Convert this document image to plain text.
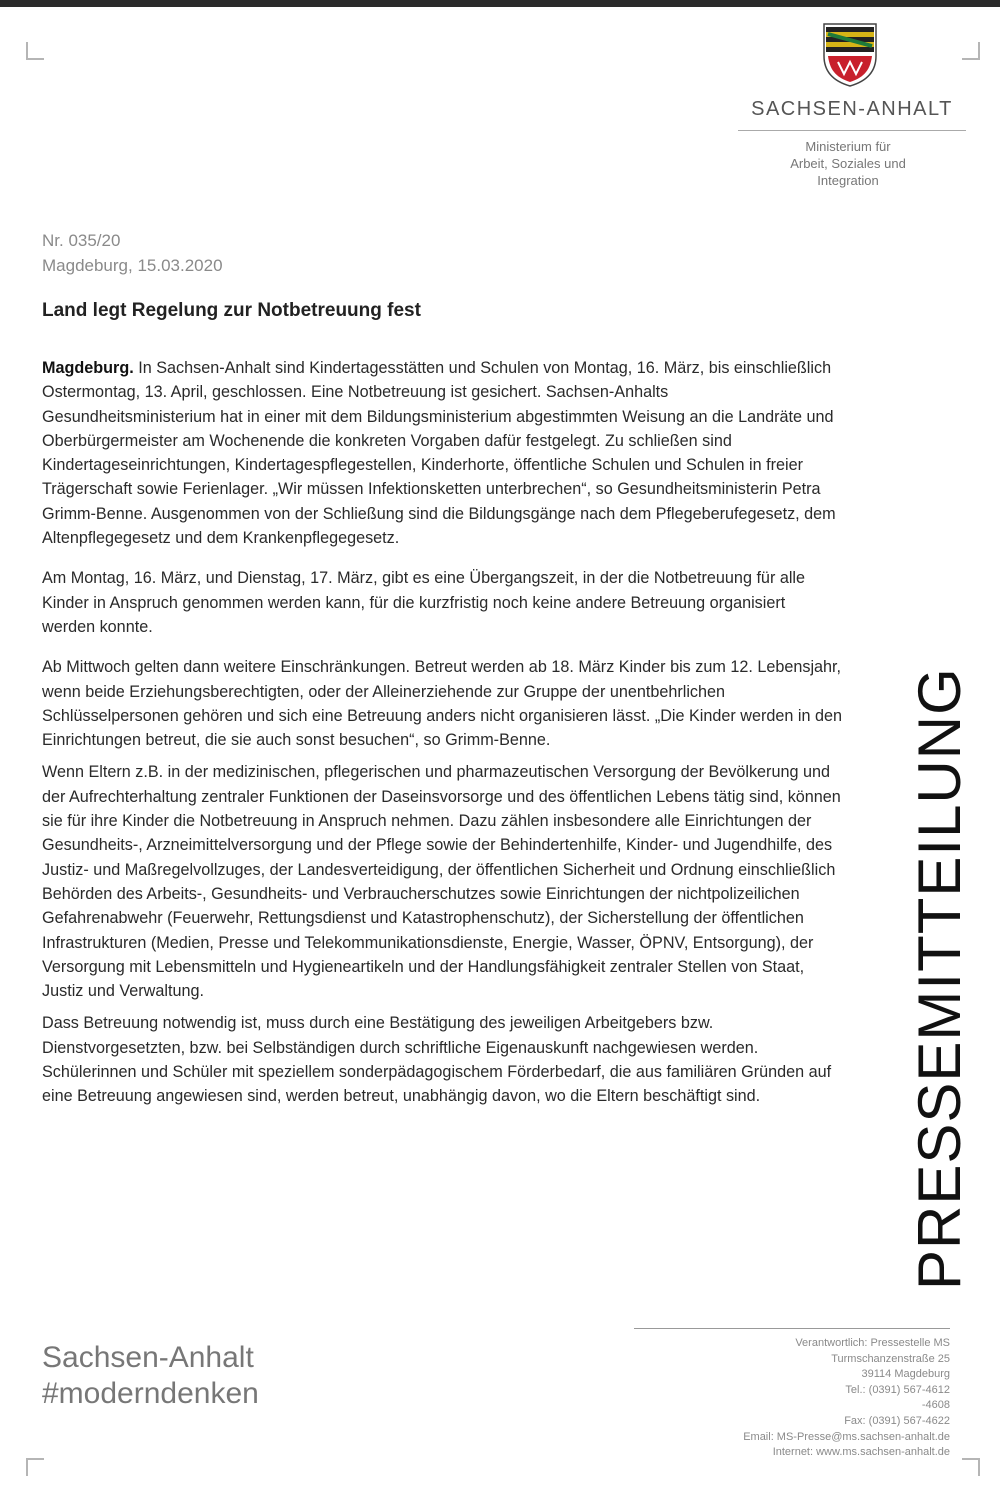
SACHSEN-ANHALT
Ministerium für
Arbeit, Soziales und
Integration
Nr. 035/20
Magdeburg, 15.03.2020
Land legt Regelung zur Notbetreuung fest

Magdeburg. In Sachsen-Anhalt sind Kindertagesstätten und Schulen von Montag, 16. März, bis einschließlich Ostermontag, 13. April, geschlossen. Eine Notbetreuung ist gesichert. Sachsen-Anhalts Gesundheitsministerium hat in einer mit dem Bildungsministerium abgestimmten Weisung an die Landräte und Oberbürgermeister am Wochenende die konkreten Vorgaben dafür festgelegt. Zu schließen sind Kindertageseinrichtungen, Kindertagespflegestellen, Kinderhorte, öffentliche Schulen und Schulen in freier Trägerschaft sowie Ferienlager. „Wir müssen Infektionsketten unterbrechen“, so Gesundheitsministerin Petra Grimm-Benne. Ausgenommen von der Schließung sind die Bildungsgänge nach dem Pflegeberufegesetz, dem Altenpflegegesetz und dem Krankenpflegegesetz.

Am Montag, 16. März, und Dienstag, 17. März, gibt es eine Übergangszeit, in der die Notbetreuung für alle Kinder in Anspruch genommen werden kann, für die kurzfristig noch keine andere Betreuung organisiert werden konnte.

Ab Mittwoch gelten dann weitere Einschränkungen. Betreut werden ab 18. März Kinder bis zum 12. Lebensjahr, wenn beide Erziehungsberechtigten, oder der Alleinerziehende zur Gruppe der unentbehrlichen Schlüsselpersonen gehören und sich eine Betreuung anders nicht organisieren lässt. „Die Kinder werden in den Einrichtungen betreut, die sie auch sonst besuchen“, so Grimm-Benne.

Wenn Eltern z.B. in der medizinischen, pflegerischen und pharmazeutischen Versorgung der Bevölkerung und der Aufrechterhaltung zentraler Funktionen der Daseinsvorsorge und des öffentlichen Lebens tätig sind, können sie für ihre Kinder die Notbetreuung in Anspruch nehmen. Dazu zählen insbesondere alle Einrichtungen der Gesundheits-, Arzneimittelversorgung und der Pflege sowie der Behindertenhilfe, Kinder- und Jugendhilfe, des Justiz- und Maßregelvollzuges, der Landesverteidigung, der öffentlichen Sicherheit und Ordnung einschließlich Behörden des Arbeits-, Gesundheits- und Verbraucherschutzes sowie Einrichtungen der nichtpolizeilichen Gefahrenabwehr (Feuerwehr, Rettungsdienst und Katastrophenschutz), der Sicherstellung der öffentlichen Infrastrukturen (Medien, Presse und Telekommunikationsdienste, Energie, Wasser, ÖPNV, Entsorgung), der Versorgung mit Lebensmitteln und Hygieneartikeln und der Handlungsfähigkeit zentraler Stellen von Staat, Justiz und Verwaltung.

Dass Betreuung notwendig ist, muss durch eine Bestätigung des jeweiligen Arbeitgebers bzw. Dienstvorgesetzten, bzw. bei Selbständigen durch schriftliche Eigenauskunft nachgewiesen werden. Schülerinnen und Schüler mit speziellem sonderpädagogischem Förderbedarf, die aus familiären Gründen auf eine Betreuung angewiesen sind, werden betreut, unabhängig davon, wo die Eltern beschäftigt sind.	PRESSEMITTEILUNG
Sachsen-Anhalt
#moderndenken
Verantwortlich: Pressestelle MS
Turmschanzenstraße 25
39114 Magdeburg
Tel.: (0391) 567-4612
-4608
Fax: (0391) 567-4622
Email: MS-Presse@ms.sachsen-anhalt.de
Internet: www.ms.sachsen-anhalt.de
